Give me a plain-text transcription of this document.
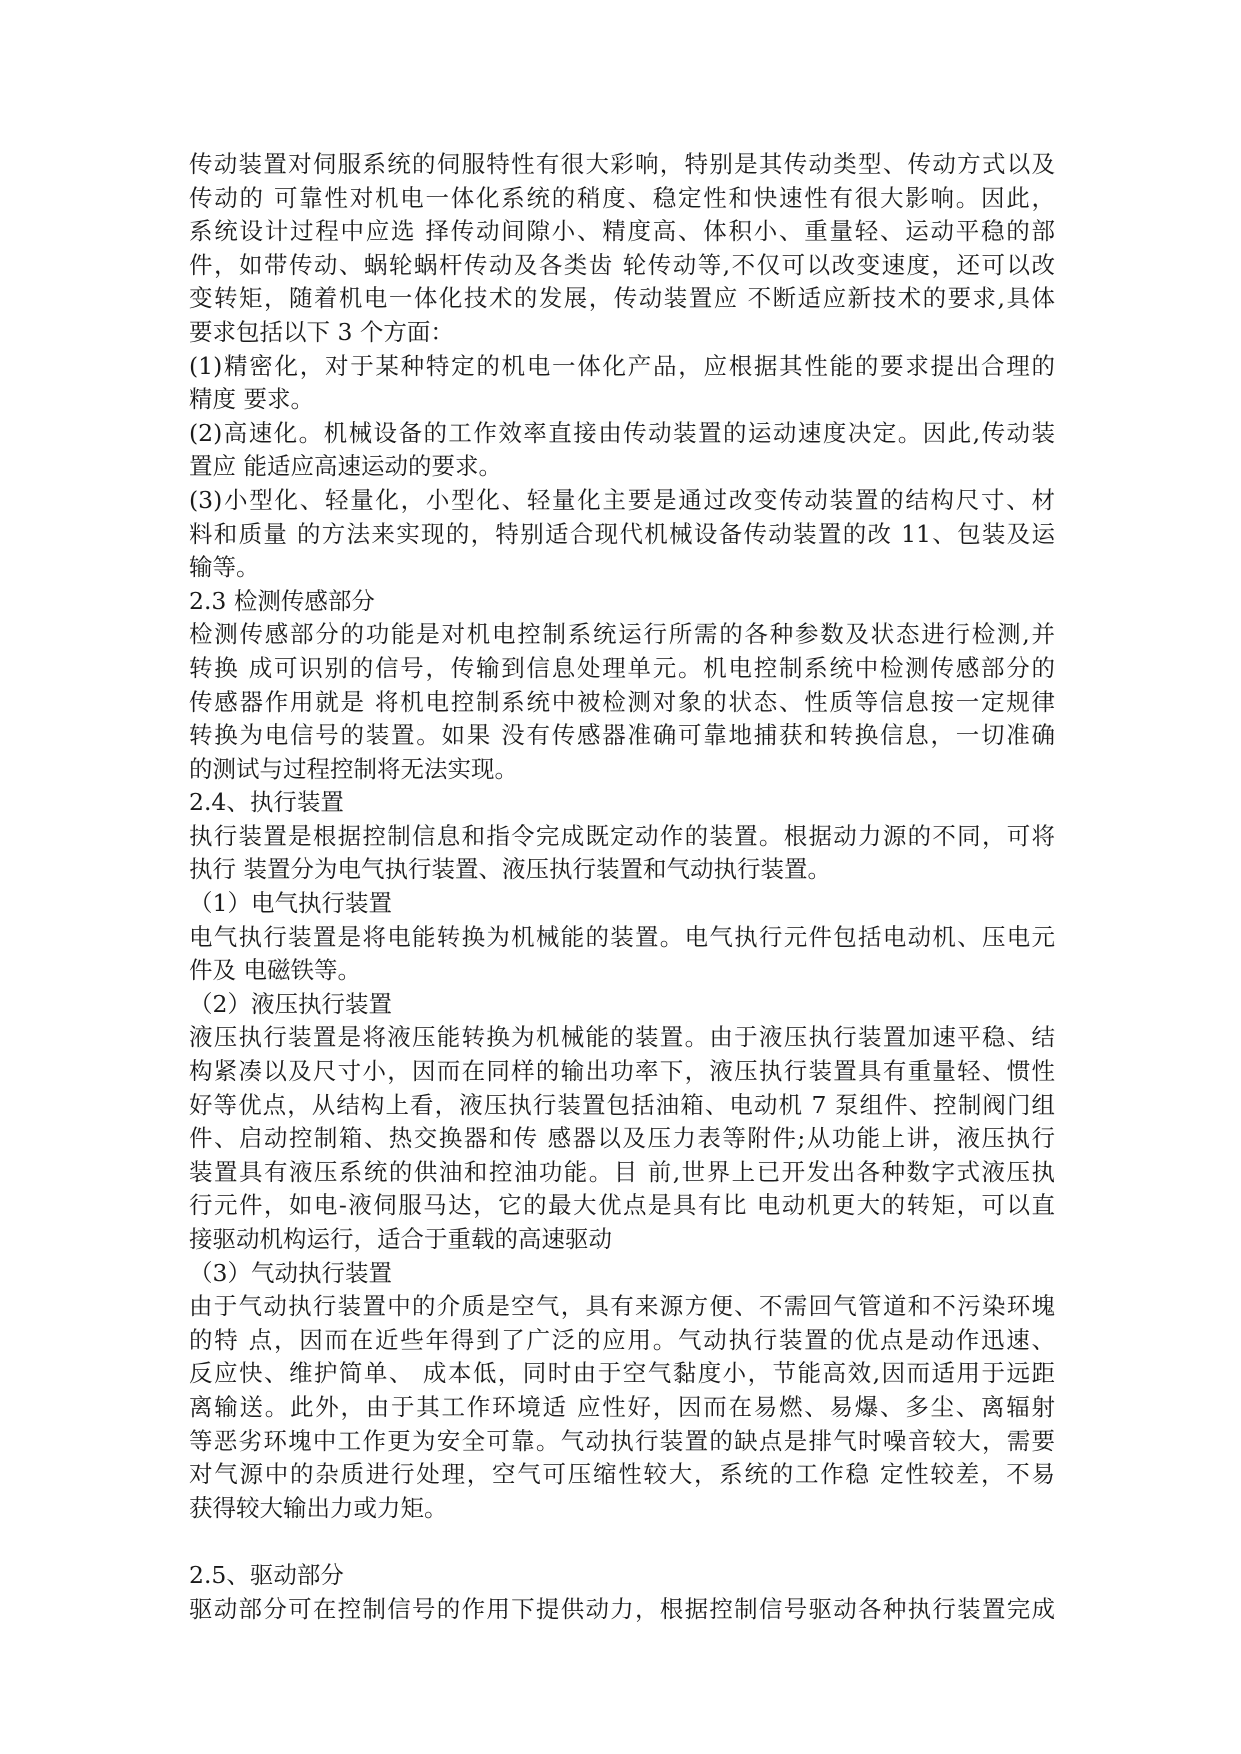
传动装置对伺服系统的伺服特性有很大彩响，特别是其传动类型、传动方式以及
传动的 可靠性对机电一体化系统的稍度、稳定性和快速性有很大影响。因此，
系统设计过程中应选 择传动间隙小、精度高、体积小、重量轻、运动平稳的部
件，如带传动、蜗轮蜗杆传动及各类齿 轮传动等,不仅可以改变速度，还可以改
变转矩，随着机电一体化技术的发展，传动装置应 不断适应新技术的要求,具体
要求包括以下 3 个方面：
(1)精密化，对于某种特定的机电一体化产品，应根据其性能的要求提出合理的
精度 要求。
(2)高速化。机械设备的工作效率直接由传动装置的运动速度决定。因此,传动装
置应 能适应高速运动的要求。
(3)小型化、轻量化，小型化、轻量化主要是通过改变传动装置的结构尺寸、材
料和质量 的方法来实现的，特别适合现代机械设备传动装置的改 11、包装及运
输等。
2.3 检测传感部分
检测传感部分的功能是对机电控制系统运行所需的各种参数及状态进行检测,并
转换 成可识别的信号，传输到信息处理单元。机电控制系统中检测传感部分的
传感器作用就是 将机电控制系统中被检测对象的状态、性质等信息按一定规律
转换为电信号的装置。如果 没有传感器准确可靠地捕获和转换信息，一切准确
的测试与过程控制将无法实现。
2.4、执行装置
执行装置是根据控制信息和指令完成既定动作的装置。根据动力源的不同，可将
执行 装置分为电气执行装置、液压执行装置和气动执行装置。
（1）电气执行装置
电气执行装置是将电能转换为机械能的装置。电气执行元件包括电动机、压电元
件及 电磁铁等。
（2）液压执行装置
液压执行装置是将液压能转换为机械能的装置。由于液压执行装置加速平稳、结
构紧凑以及尺寸小，因而在同样的输出功率下，液压执行装置具有重量轻、惯性
好等优点，从结构上看，液压执行装置包括油箱、电动机 7 泵组件、控制阀门组
件、启动控制箱、热交换器和传 感器以及压力表等附件;从功能上讲，液压执行
装置具有液压系统的供油和控油功能。目 前,世界上已开发出各种数字式液压执
行元件，如电-液伺服马达，它的最大优点是具有比 电动机更大的转矩，可以直
接驱动机构运行，适合于重载的高速驱动
（3）气动执行装置
由于气动执行装置中的介质是空气，具有来源方便、不需回气管道和不污染环塊
的特 点，因而在近些年得到了广泛的应用。气动执行装置的优点是动作迅速、
反应快、维护简单、 成本低，同时由于空气黏度小，节能高效,因而适用于远距
离输送。此外，由于其工作环境适 应性好，因而在易燃、易爆、多尘、离辐射
等恶劣环塊中工作更为安全可靠。气动执行装置的缺点是排气时噪音较大，需要
对气源中的杂质进行处理，空气可压缩性较大，系统的工作稳 定性较差，不易
获得较大输出力或力矩。
2.5、驱动部分
驱动部分可在控制信号的作用下提供动力，根据控制信号驱动各种执行装置完成
